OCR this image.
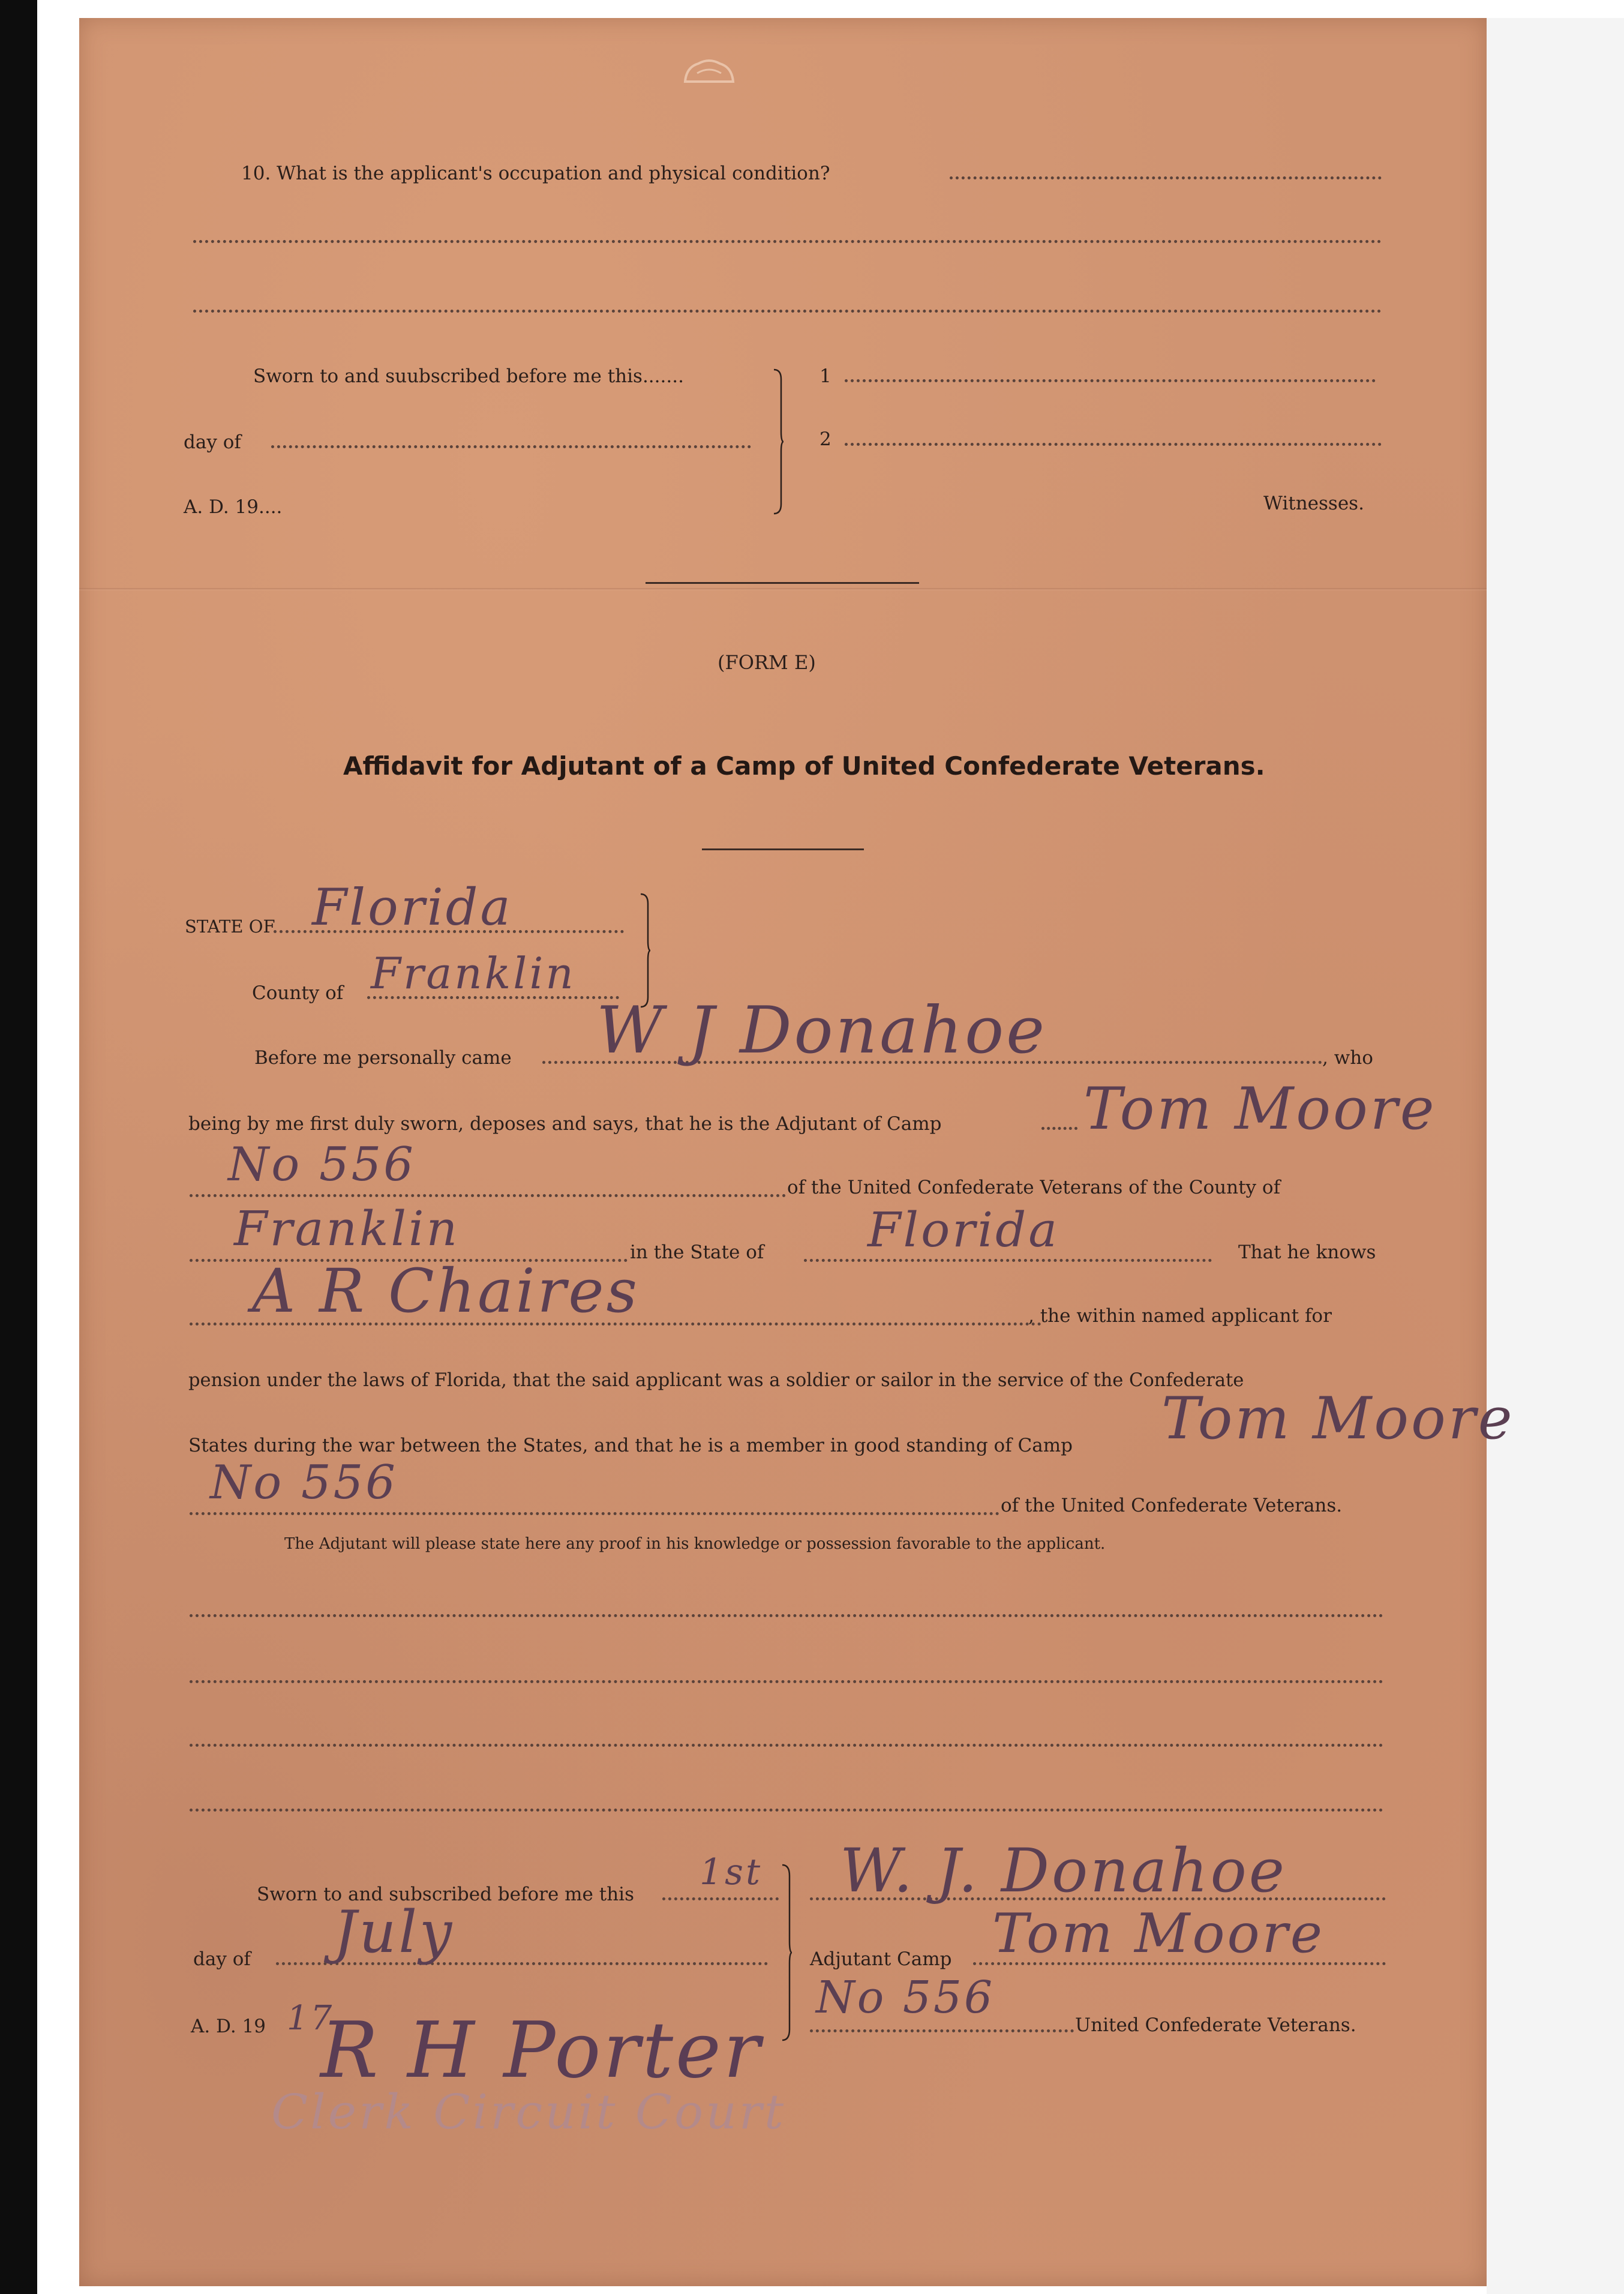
10. What is the applicant's occupation and physical condition?
Sworn to and suubscribed before me this.......
day of
A. D. 19....
1
2
Witnesses.
(FORM E)
Affidavit for Adjutant of a Camp of United Confederate Veterans.
STATE OF Florida
County of Franklin
Before me personally came W J Donahoe	, who
being by me first duly sworn, deposes and says, that he is the Adjutant of Camp Tom Moore
No 556	of the United Confederate Veterans of the County of
Franklin	in the State of Florida	That he knows
A R Chaires	, the within named applicant for
pension under the laws of Florida, that the said applicant was a soldier or sailor in the service of the Confederate
States during the war between the States, and that he is a member in good standing of Camp Tom Moore
No 556	of the United Confederate Veterans.
The Adjutant will please state here any proof in his knowledge or possession favorable to the applicant.
Sworn to and subscribed before me this
1st
day of July
A. D. 19 17
W. J. Donahoe
Adjutant Camp Tom Moore
No 556
United Confederate Veterans.
R H Porter
Clerk Circuit Court
